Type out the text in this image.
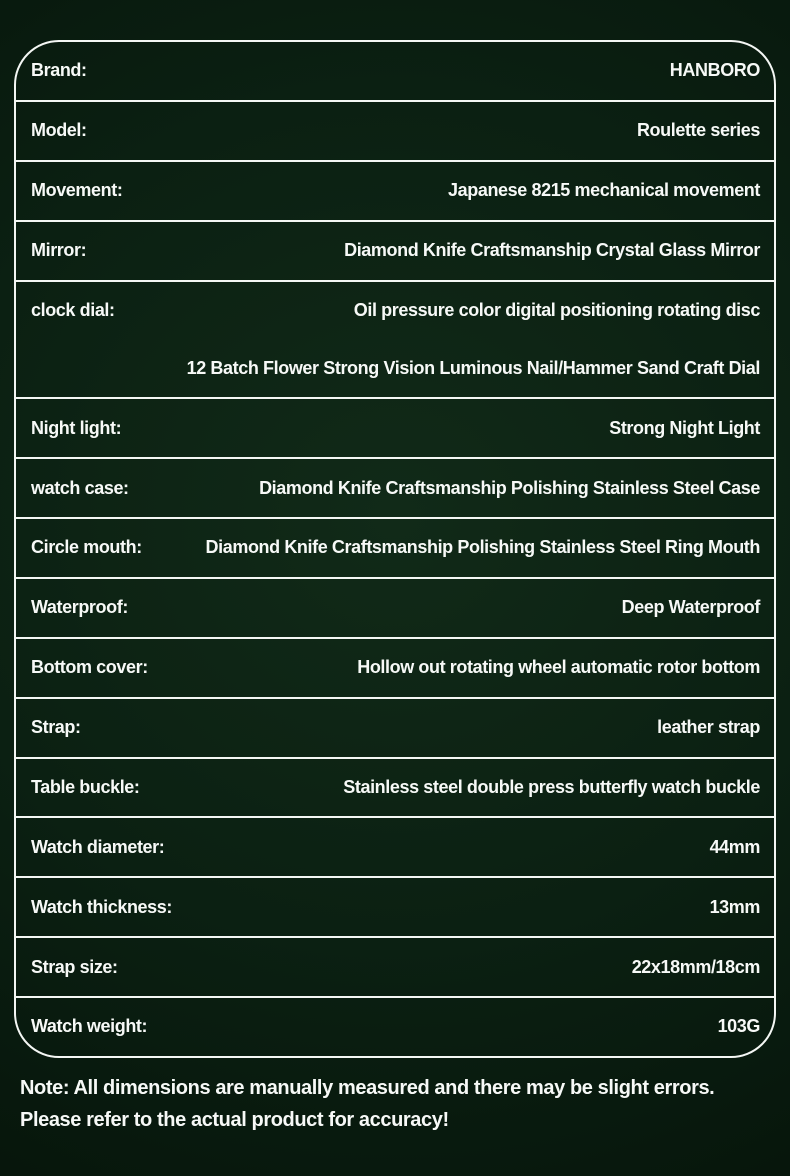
Brand:	HANBORO
Model:	Roulette series
Movement:	Japanese 8215 mechanical movement
Mirror:	Diamond Knife Craftsmanship Crystal Glass Mirror
clock dial:	Oil pressure color digital positioning rotating disc
12 Batch Flower Strong Vision Luminous Nail/Hammer Sand Craft Dial
Night light:	Strong Night Light
watch case:	Diamond Knife Craftsmanship Polishing Stainless Steel Case
Circle mouth:	Diamond Knife Craftsmanship Polishing Stainless Steel Ring Mouth
Waterproof:	Deep Waterproof
Bottom cover:	Hollow out rotating wheel automatic rotor bottom
Strap:	leather strap
Table buckle:	Stainless steel double press butterfly watch buckle
Watch diameter:	44mm
Watch thickness:	13mm
Strap size:	22x18mm/18cm
Watch weight:	103G
Note: All dimensions are manually measured and there may be slight errors.
Please refer to the actual product for accuracy!
